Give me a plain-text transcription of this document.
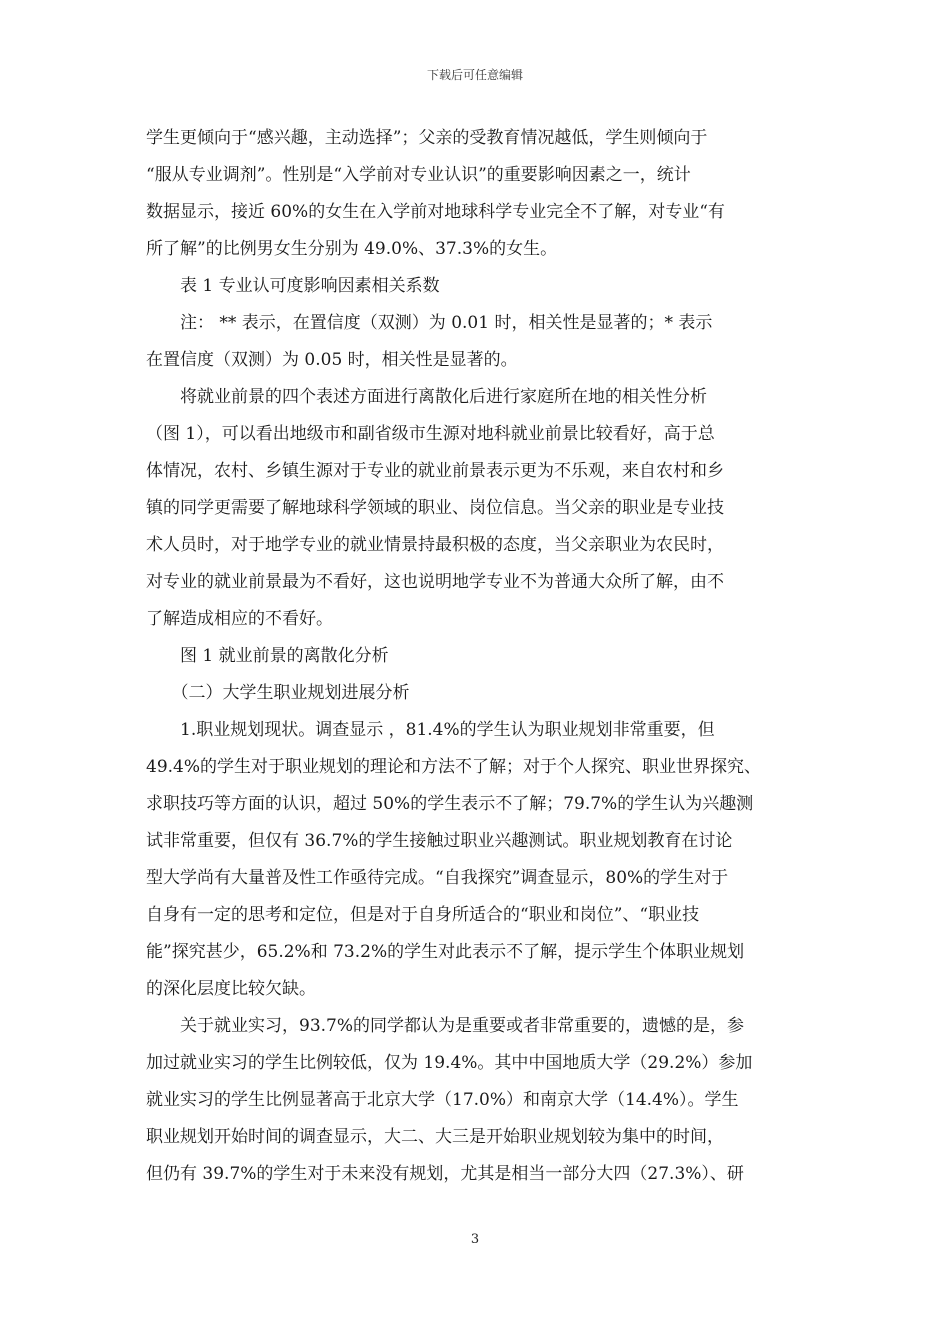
下载后可任意编辑
学生更倾向于“感兴趣，主动选择”；父亲的受教育情况越低，学生则倾向于
“服从专业调剂”。性别是“入学前对专业认识”的重要影响因素之一，统计
数据显示，接近 60%的女生在入学前对地球科学专业完全不了解，对专业“有
所了解”的比例男女生分别为 49.0%、37.3%的女生。
　　表 1 专业认可度影响因素相关系数
　　注： ** 表示，在置信度（双测）为 0.01 时，相关性是显著的；* 表示
在置信度（双测）为 0.05 时，相关性是显著的。
　　将就业前景的四个表述方面进行离散化后进行家庭所在地的相关性分析
（图 1），可以看出地级市和副省级市生源对地科就业前景比较看好，高于总
体情况，农村、乡镇生源对于专业的就业前景表示更为不乐观，来自农村和乡
镇的同学更需要了解地球科学领域的职业、岗位信息。当父亲的职业是专业技
术人员时，对于地学专业的就业情景持最积极的态度，当父亲职业为农民时，
对专业的就业前景最为不看好，这也说明地学专业不为普通大众所了解，由不
了解造成相应的不看好。
　　图 1 就业前景的离散化分析
　　（二）大学生职业规划进展分析
　　1.职业规划现状。调查显示 ，81.4%的学生认为职业规划非常重要，但
49.4%的学生对于职业规划的理论和方法不了解；对于个人探究、职业世界探究、
求职技巧等方面的认识，超过 50%的学生表示不了解；79.7%的学生认为兴趣测
试非常重要，但仅有 36.7%的学生接触过职业兴趣测试。职业规划教育在讨论
型大学尚有大量普及性工作亟待完成。“自我探究”调查显示，80%的学生对于
自身有一定的思考和定位，但是对于自身所适合的“职业和岗位”、“职业技
能”探究甚少，65.2%和 73.2%的学生对此表示不了解，提示学生个体职业规划
的深化层度比较欠缺。
　　关于就业实习，93.7%的同学都认为是重要或者非常重要的，遗憾的是，参
加过就业实习的学生比例较低，仅为 19.4%。其中中国地质大学（29.2%）参加
就业实习的学生比例显著高于北京大学（17.0%）和南京大学（14.4%）。学生
职业规划开始时间的调查显示，大二、大三是开始职业规划较为集中的时间，
但仍有 39.7%的学生对于未来没有规划，尤其是相当一部分大四（27.3%）、研
3
